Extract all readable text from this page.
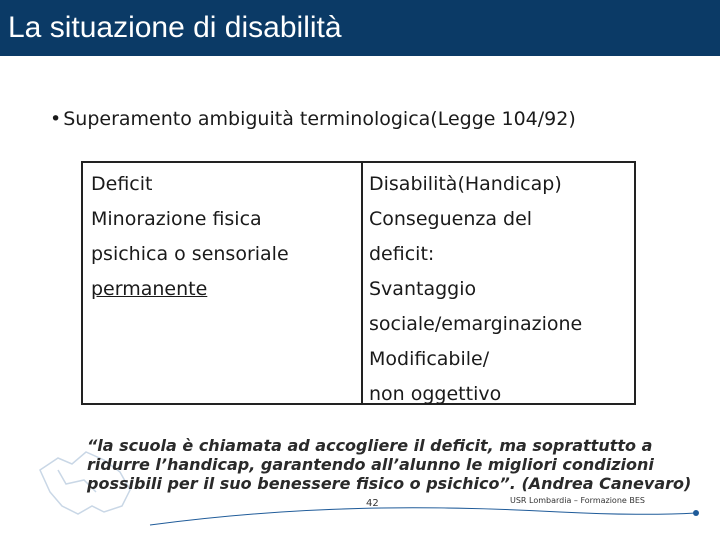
La situazione di disabilità
• Superamento ambiguità terminologica(Legge 104/92)
Deficit
Minorazione fisica
psichica o sensoriale
permanente
Disabilità(Handicap)
Conseguenza del
deficit:
Svantaggio
sociale/emarginazione
Modificabile/
non oggettivo
“la scuola è chiamata ad accogliere il deficit, ma soprattutto a
ridurre l’handicap, garantendo all’alunno le migliori condizioni
possibili per il suo benessere fisico o psichico”. (Andrea Canevaro)
42	USR Lombardia – Formazione BES
